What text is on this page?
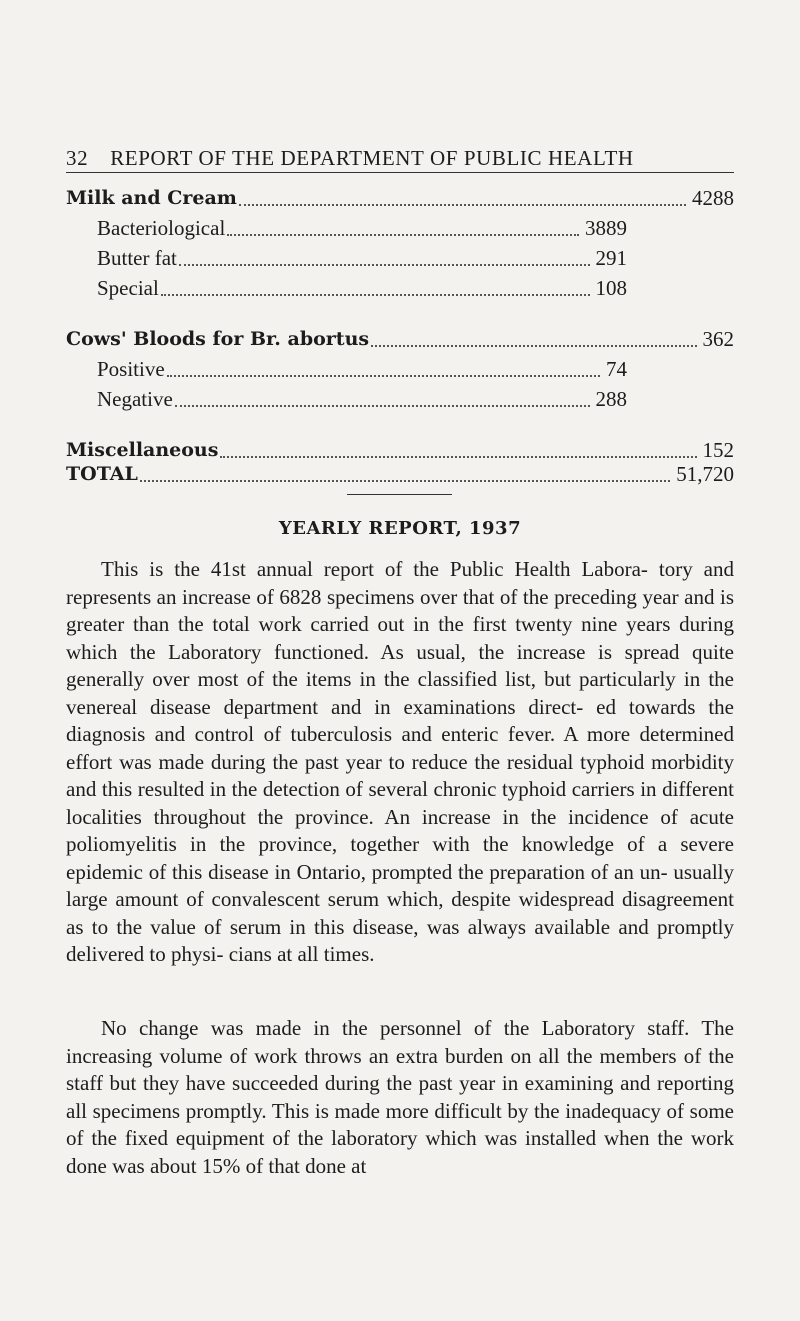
32 REPORT OF THE DEPARTMENT OF PUBLIC HEALTH
Milk and Cream	4288
Bacteriological	3889
Butter fat	291
Special	108
Cows' Bloods for Br. abortus	362
Positive	74
Negative	288
Miscellaneous	152
TOTAL	51,720
YEARLY REPORT, 1937

This is the 41st annual report of the Public Health Labora- tory and represents an increase of 6828 specimens over that of the preceding year and is greater than the total work carried out in the first twenty nine years during which the Laboratory functioned. As usual, the increase is spread quite generally over most of the items in the classified list, but particularly in the venereal disease department and in examinations direct- ed towards the diagnosis and control of tuberculosis and enteric fever. A more determined effort was made during the past year to reduce the residual typhoid morbidity and this resulted in the detection of several chronic typhoid carriers in different localities throughout the province. An increase in the incidence of acute poliomyelitis in the province, together with the knowledge of a severe epidemic of this disease in Ontario, prompted the preparation of an un- usually large amount of convalescent serum which, despite widespread disagreement as to the value of serum in this disease, was always available and promptly delivered to physi- cians at all times.

No change was made in the personnel of the Laboratory staff. The increasing volume of work throws an extra burden on all the members of the staff but they have succeeded during the past year in examining and reporting all specimens promptly. This is made more difficult by the inadequacy of some of the fixed equipment of the laboratory which was installed when the work done was about 15% of that done at
